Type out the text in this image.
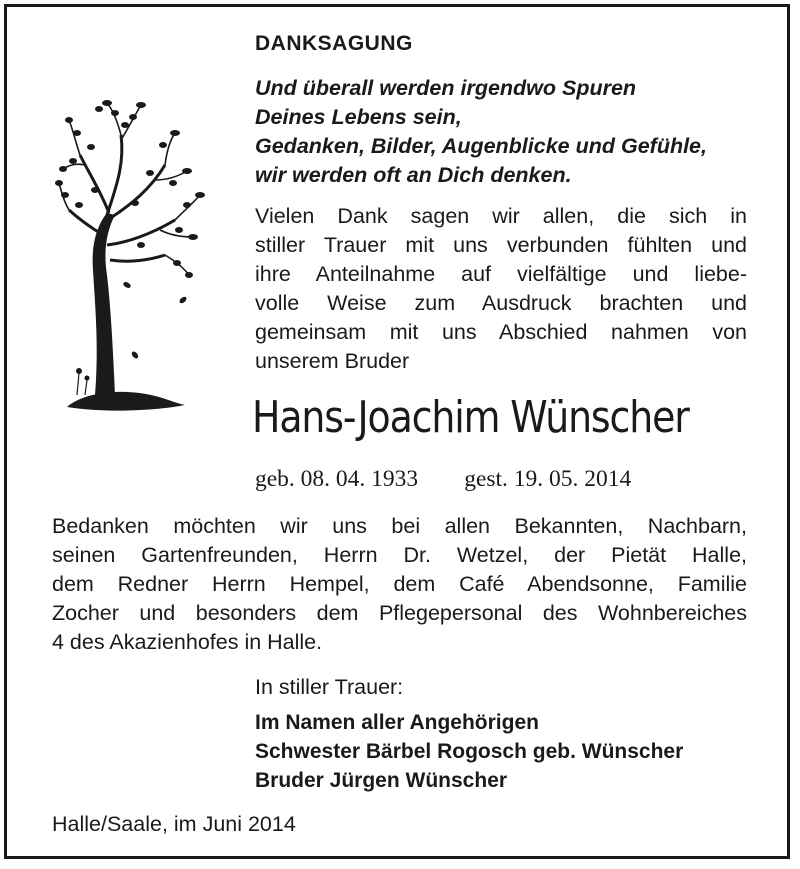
DANKSAGUNG
Und überall werden irgendwo Spuren
Deines Lebens sein,
Gedanken, Bilder, Augenblicke und Gefühle,
wir werden oft an Dich denken.
Vielen Dank sagen wir allen, die sich in
stiller Trauer mit uns verbunden fühlten und
ihre Anteilnahme auf vielfältige und liebe-
volle Weise zum Ausdruck brachten und
gemeinsam mit uns Abschied nahmen von
unserem Bruder
Hans-Joachim Wünscher
geb. 08. 04. 1933 gest. 19. 05. 2014
Bedanken möchten wir uns bei allen Bekannten, Nachbarn,
seinen Gartenfreunden, Herrn Dr. Wetzel, der Pietät Halle,
dem Redner Herrn Hempel, dem Café Abendsonne, Familie
Zocher und besonders dem Pflegepersonal des Wohnbereiches
4 des Akazienhofes in Halle.
In stiller Trauer:
Im Namen aller Angehörigen
Schwester Bärbel Rogosch geb. Wünscher
Bruder Jürgen Wünscher
Halle/Saale, im Juni 2014
